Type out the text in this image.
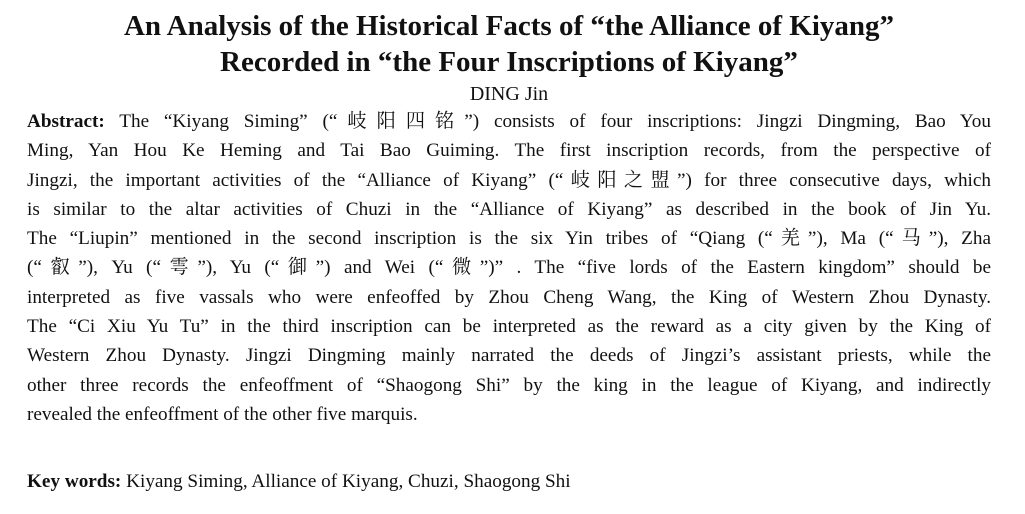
An Analysis of the Historical Facts of “the Alliance of Kiyang”
Recorded in “the Four Inscriptions of Kiyang”
DING Jin
Abstract: The “Kiyang Siming” (“岐阳四铭”) consists of four inscriptions: Jingzi Dingming, Bao You
Ming, Yan Hou Ke Heming and Tai Bao Guiming. The first inscription records, from the perspective of
Jingzi, the important activities of the “Alliance of Kiyang” (“岐阳之盟”) for three consecutive days, which
is similar to the altar activities of Chuzi in the “Alliance of Kiyang” as described in the book of Jin Yu.
The “Liupin” mentioned in the second inscription is the six Yin tribes of “Qiang (“羌”), Ma (“马”), Zha
(“叡”), Yu (“雩”), Yu (“御”) and Wei (“微”)” . The “five lords of the Eastern kingdom” should be
interpreted as five vassals who were enfeoffed by Zhou Cheng Wang, the King of Western Zhou Dynasty.
The “Ci Xiu Yu Tu” in the third inscription can be interpreted as the reward as a city given by the King of
Western Zhou Dynasty. Jingzi Dingming mainly narrated the deeds of Jingzi’s assistant priests, while the
other three records the enfeoffment of “Shaogong Shi” by the king in the league of Kiyang, and indirectly
revealed the enfeoffment of the other five marquis.
Key words: Kiyang Siming, Alliance of Kiyang, Chuzi, Shaogong Shi
